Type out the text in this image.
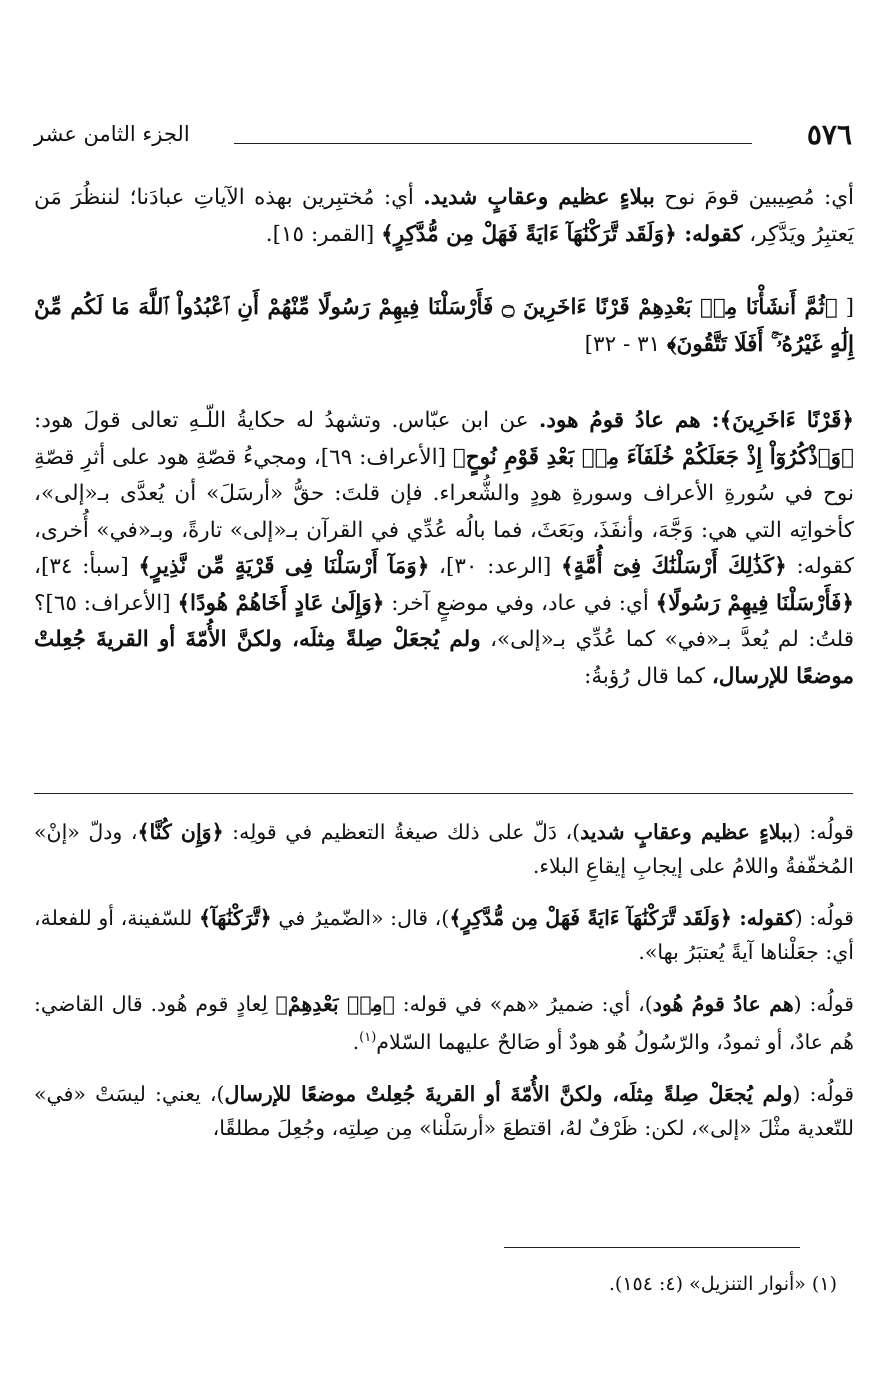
٥٧٦
الجزء الثامن عشر
أي: مُصِيبين قومَ نوح ببلاءٍ عظيم وعقابٍ شديد. أي: مُختبِرين بهذه الآياتِ عبادَنا؛ لننظُرَ مَن يَعتبِرُ ويَدَّكِر، كقوله: ﴿وَلَقَد تَّرَكْنَٰهَآ ءَايَةً فَهَلْ مِن مُّدَّكِرٍ﴾ [القمر: ١٥].
[ ﴿ثُمَّ أَنشَأْنَا مِنۢ بَعْدِهِمْ قَرْنًا ءَاخَرِينَ ۝ فَأَرْسَلْنَا فِيهِمْ رَسُولًا مِّنْهُمْ أَنِ ٱعْبُدُواْ ٱللَّهَ مَا لَكُم مِّنْ إِلَٰهٍ غَيْرُهُۥٓ ۚ أَفَلَا تَتَّقُونَ﴾ ٣١ - ٣٢]
﴿قَرْنًا ءَاخَرِينَ﴾: هم عادُ قومُ هود. عن ابن عبّاس. وتشهدُ له حكايةُ اللّـهِ تعالى قولَ هود: ﴿وَٱذْكُرُوٓاْ إِذْ جَعَلَكُمْ خُلَفَآءَ مِنۢ بَعْدِ قَوْمِ نُوحٍ﴾ [الأعراف: ٦٩]، ومجيءُ قصّةِ هود على أثرِ قصّةِ نوح في سُورةِ الأعراف وسورةِ هودٍ والشُّعراء. فإن قلتَ: حقُّ «أرسَلَ» أن يُعدَّى بـ«إلى»، كأخواتِه التي هي: وَجَّهَ، وأنفَذَ، وبَعَثَ، فما بالُه عُدِّي في القرآن بـ«إلى» تارةً، وبـ«في» أُخرى، كقوله: ﴿كَذَٰلِكَ أَرْسَلْنَٰكَ فِىٓ أُمَّةٍ﴾ [الرعد: ٣٠]، ﴿وَمَآ أَرْسَلْنَا فِى قَرْيَةٍ مِّن نَّذِيرٍ﴾ [سبأ: ٣٤]، ﴿فَأَرْسَلْنَا فِيهِمْ رَسُولًا﴾ أي: في عاد، وفي موضعٍ آخر: ﴿وَإِلَىٰ عَادٍ أَخَاهُمْ هُودًا﴾ [الأعراف: ٦٥]؟ قلتُ: لم يُعدَّ بـ«في» كما عُدِّي بـ«إلى»، ولم يُجعَلْ صِلةً مِثلَه، ولكنَّ الأُمّةَ أو القريةَ جُعِلتْ موضعًا للإرسال، كما قال رُؤبةُ:
قولُه: (ببلاءٍ عظيم وعقابٍ شديد)، دَلّ على ذلك صيغةُ التعظيم في قولِه: ﴿وَإِن كُنَّا﴾، ودلّ «إنْ» المُخفّفةُ واللامُ على إيجابِ إيقاعِ البلاء.
قولُه: (كقوله: ﴿وَلَقَد تَّرَكْنَٰهَآ ءَايَةً فَهَلْ مِن مُّدَّكِرٍ﴾)، قال: «الضّميرُ في ﴿تَّرَكْنَٰهَآ﴾ للسّفينة، أو للفعلة، أي: جعَلْناها آيةً يُعتبَرُ بها».
قولُه: (هم عادُ قومُ هُود)، أي: ضميرُ «هم» في قوله: ﴿مِنۢ بَعْدِهِمْ﴾ لِعادٍ قوم هُود. قال القاضي: هُم عادٌ، أو ثمودُ، والرّسُولُ هُو هودٌ أو صَالحٌ عليهما السّلام$^{(١)}$.
قولُه: (ولم يُجعَلْ صِلةً مِثلَه، ولكنَّ الأُمّةَ أو القريةَ جُعِلتْ موضعًا للإرسال)، يعني: ليسَتْ «في» للتّعدية مثْلَ «إلى»، لكن: ظَرْفٌ لهُ، اقتطعَ «أرسَلْنا» مِن صِلتِه، وجُعِلَ مطلقًا،
(١) «أنوار التنزيل» (٤: ١٥٤).
